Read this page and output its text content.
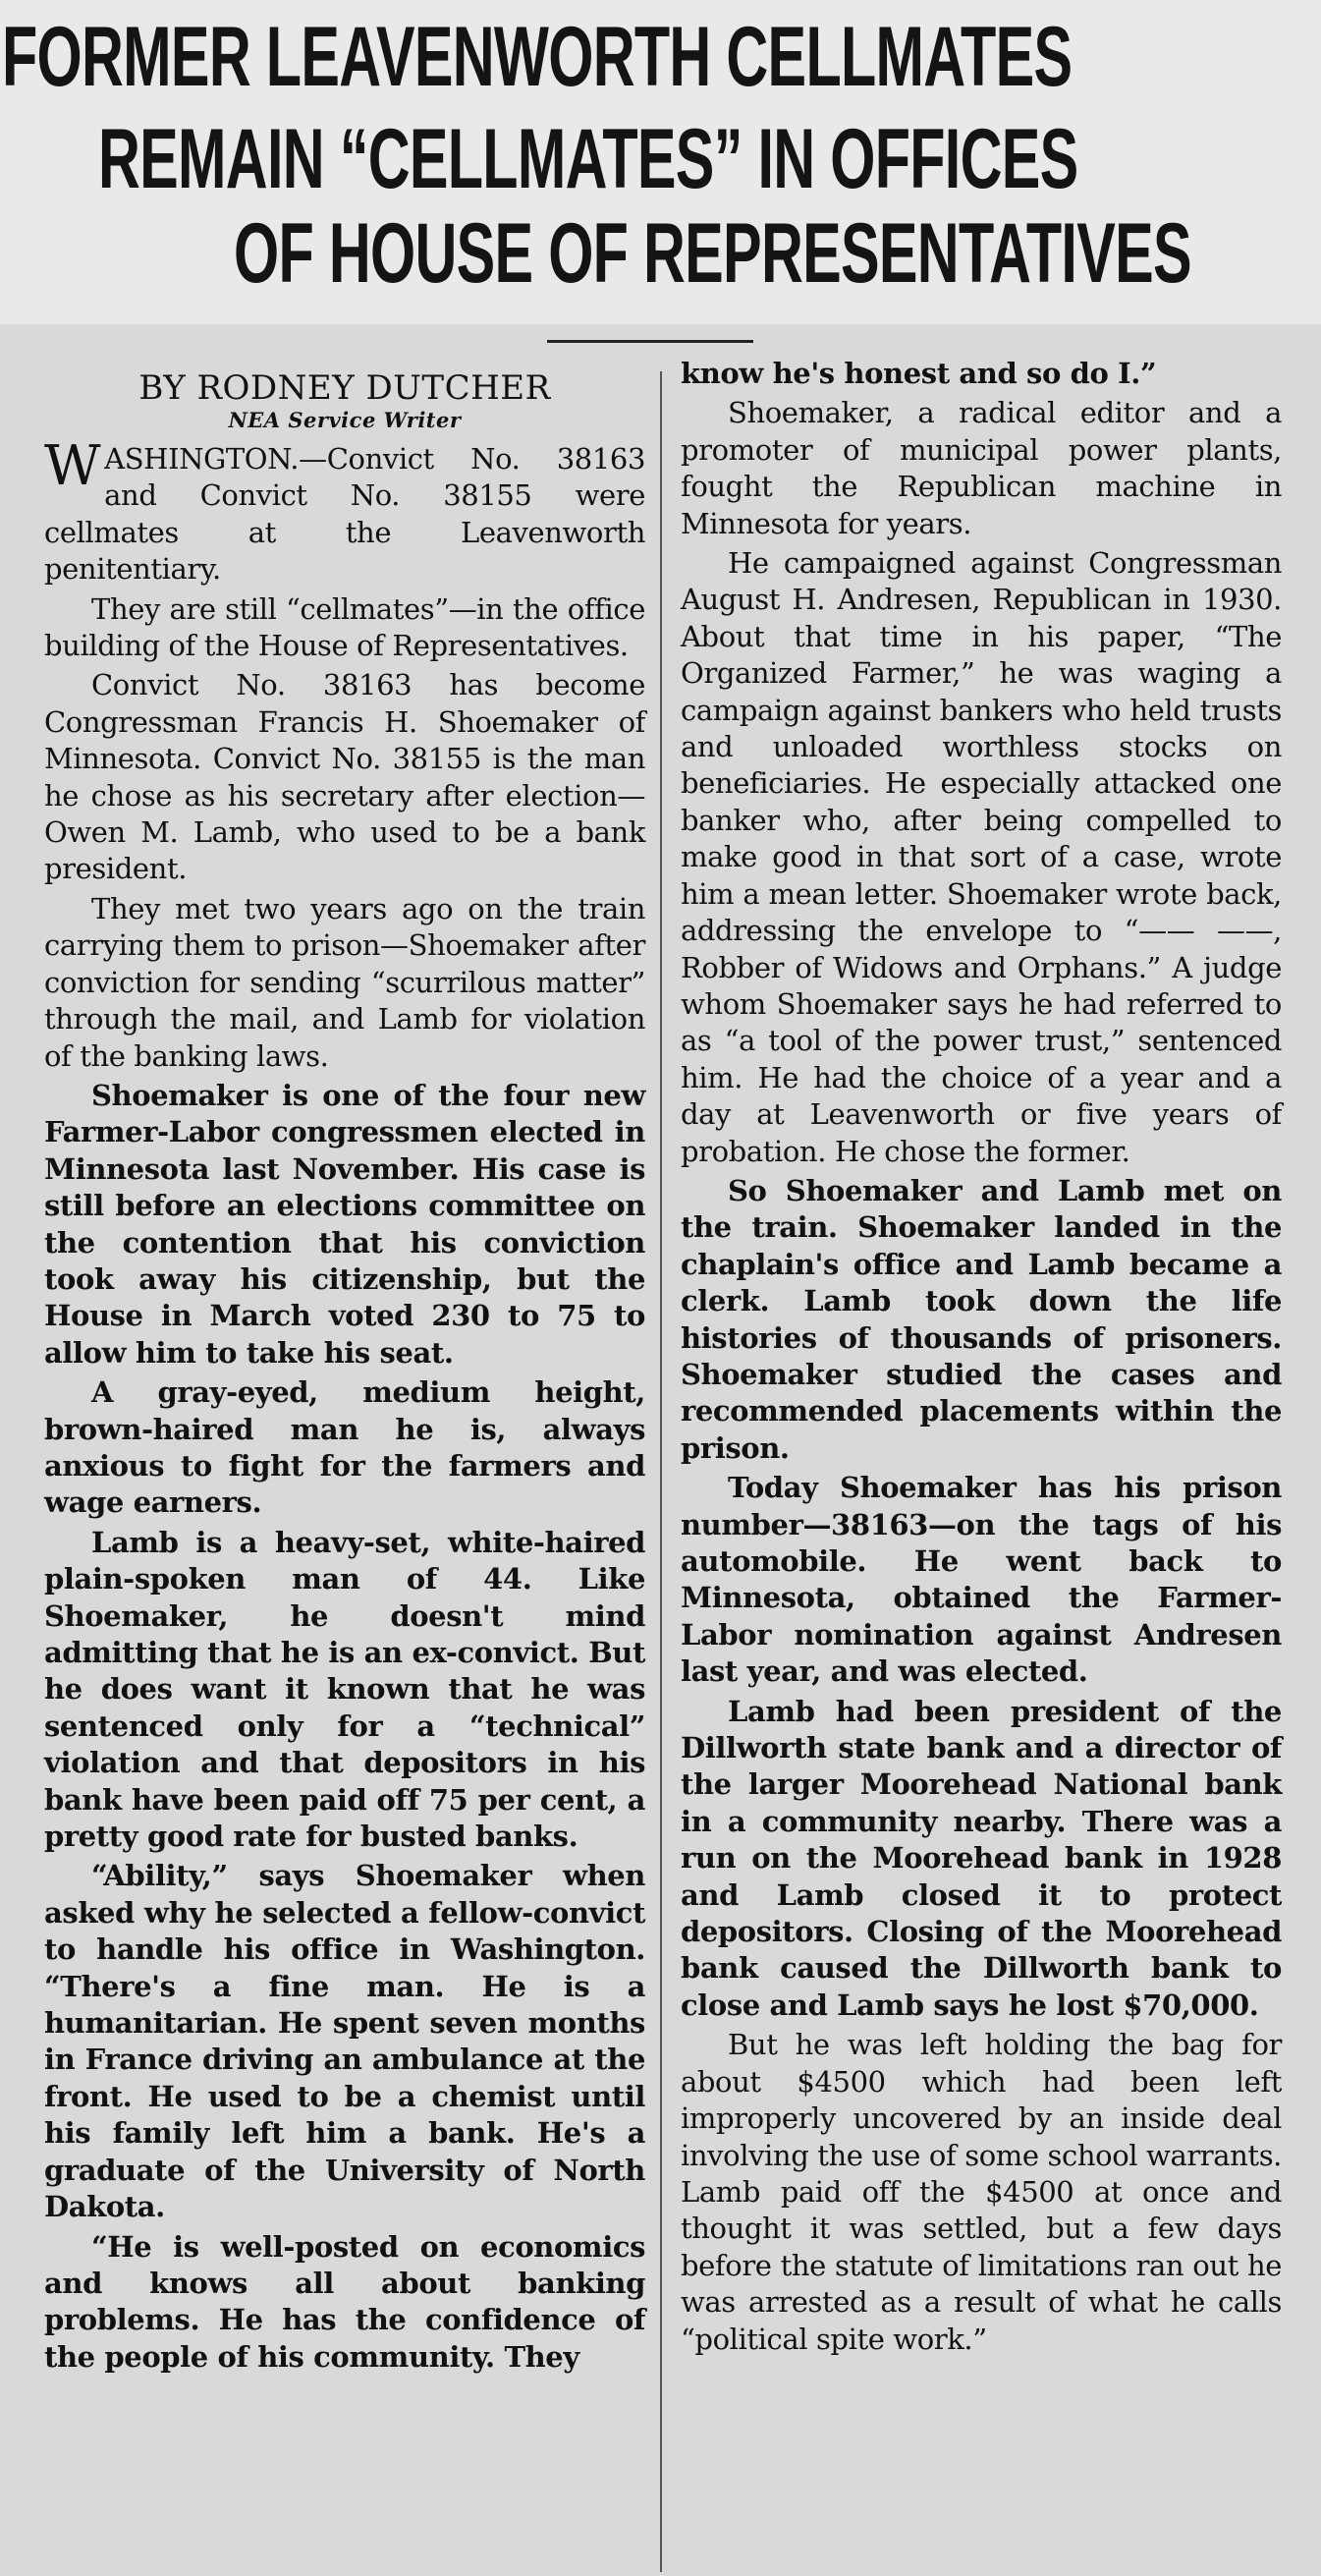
FORMER LEAVENWORTH CELLMATES
REMAIN “CELLMATES” IN OFFICES
OF HOUSE OF REPRESENTATIVES
BY RODNEY DUTCHER
NEA Service Writer

WASHINGTON.—Convict No. 38163 and Convict No. 38155 were cellmates at the Leavenworth penitentiary.

They are still “cellmates”—in the office building of the House of Representatives.

Convict No. 38163 has become Congressman Francis H. Shoemaker of Minnesota. Convict No. 38155 is the man he chose as his secretary after election—Owen M. Lamb, who used to be a bank president.

They met two years ago on the train carrying them to prison—Shoemaker after conviction for sending “scurrilous matter” through the mail, and Lamb for violation of the banking laws.

Shoemaker is one of the four new Farmer-Labor congressmen elected in Minnesota last November. His case is still before an elections committee on the contention that his conviction took away his citizenship, but the House in March voted 230 to 75 to allow him to take his seat.

A gray-eyed, medium height, brown-haired man he is, always anxious to fight for the farmers and wage earners.

Lamb is a heavy-set, white-haired plain-spoken man of 44. Like Shoemaker, he doesn't mind admitting that he is an ex-convict. But he does want it known that he was sentenced only for a “technical” violation and that depositors in his bank have been paid off 75 per cent, a pretty good rate for busted banks.

“Ability,” says Shoemaker when asked why he selected a fellow-convict to handle his office in Washington. “There's a fine man. He is a humanitarian. He spent seven months in France driving an ambulance at the front. He used to be a chemist until his family left him a bank. He's a graduate of the University of North Dakota.

“He is well-posted on economics and knows all about banking problems. He has the confidence of the people of his community. They

know he's honest and so do I.”

Shoemaker, a radical editor and a promoter of municipal power plants, fought the Republican machine in Minnesota for years.

He campaigned against Congressman August H. Andresen, Republican in 1930. About that time in his paper, “The Organized Farmer,” he was waging a campaign against bankers who held trusts and unloaded worthless stocks on beneficiaries. He especially attacked one banker who, after being compelled to make good in that sort of a case, wrote him a mean letter. Shoemaker wrote back, addressing the envelope to “—— ——, Robber of Widows and Orphans.” A judge whom Shoemaker says he had referred to as “a tool of the power trust,” sentenced him. He had the choice of a year and a day at Leavenworth or five years of probation. He chose the former.

So Shoemaker and Lamb met on the train. Shoemaker landed in the chaplain's office and Lamb became a clerk. Lamb took down the life histories of thousands of prisoners. Shoemaker studied the cases and recommended placements within the prison.

Today Shoemaker has his prison number—38163—on the tags of his automobile. He went back to Minnesota, obtained the Farmer-Labor nomination against Andresen last year, and was elected.

Lamb had been president of the Dillworth state bank and a director of the larger Moorehead National bank in a community nearby. There was a run on the Moorehead bank in 1928 and Lamb closed it to protect depositors. Closing of the Moorehead bank caused the Dillworth bank to close and Lamb says he lost $70,000.

But he was left holding the bag for about $4500 which had been left improperly uncovered by an inside deal involving the use of some school warrants. Lamb paid off the $4500 at once and thought it was settled, but a few days before the statute of limitations ran out he was arrested as a result of what he calls “political spite work.”
